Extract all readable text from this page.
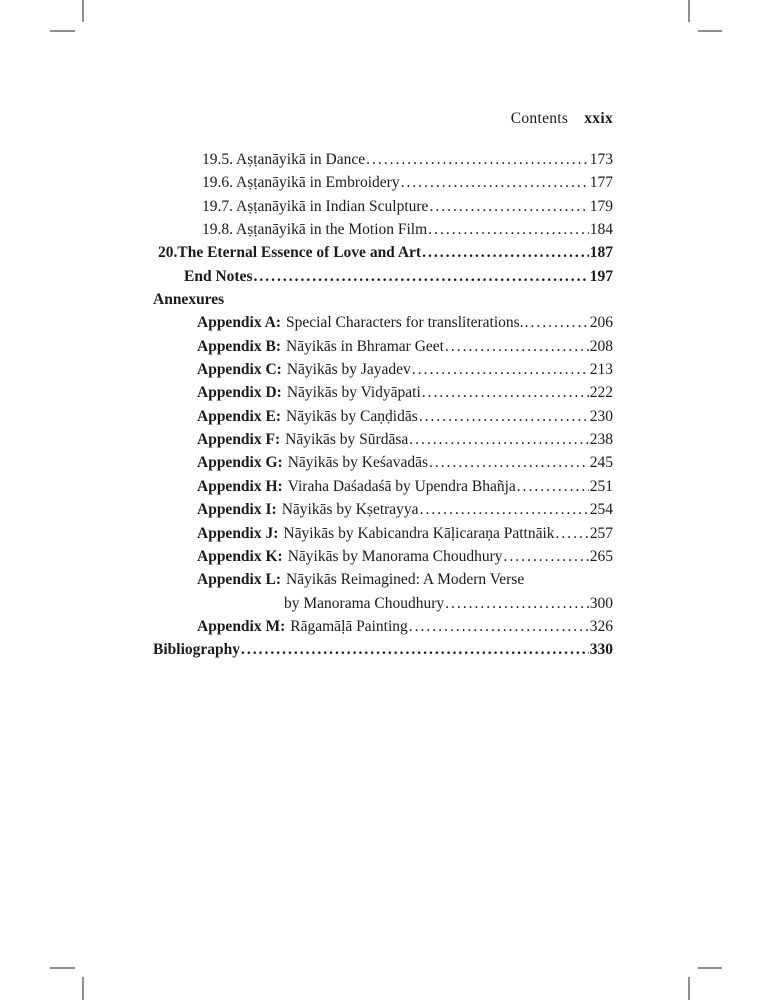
Contents xxix
19.5. Aṣṭanāyikā in Dance .....	173
19.6. Aṣṭanāyikā in Embroidery .....	177
19.7. Aṣṭanāyikā in Indian Sculpture .....	179
19.8. Aṣṭanāyikā in the Motion Film .....	184
20. The Eternal Essence of Love and Art .....	187
End Notes .....	197
Annexures
Appendix A: Special Characters for transliterations. .....	206
Appendix B: Nāyikās in Bhramar Geet .....	208
Appendix C: Nāyikās by Jayadev .....	213
Appendix D: Nāyikās by Vidyāpati .....	222
Appendix E: Nāyikās by Caṇḍidās .....	230
Appendix F: Nāyikās by Sūrdāsa .....	238
Appendix G: Nāyikās by Keśavadās .....	245
Appendix H: Viraha Daśadaśā by Upendra Bhañja .....	251
Appendix I: Nāyikās by Kṣetrayya .....	254
Appendix J: Nāyikās by Kabicandra Kāḷicaraṇa Pattnāik ..... 257
Appendix K: Nāyikās by Manorama Choudhury .....	265
Appendix L: Nāyikās Reimagined: A Modern Verse
by Manorama Choudhury .....	300
Appendix M: Rāgamāḷā Painting .....	326
Bibliography .....	330
